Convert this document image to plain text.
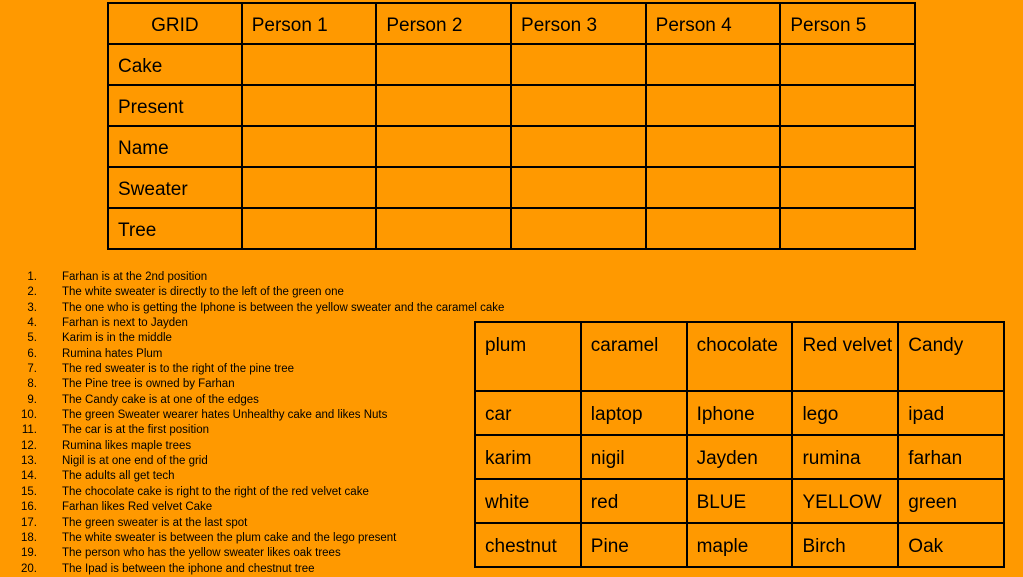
GRID	Person 1	Person 2	Person 3	Person 4	Person 5
Cake					
Present					
Name					
Sweater					
Tree					
1.	Farhan is at the 2nd position
2.	The white sweater is directly to the left of the green one
3.	The one who is getting the Iphone is between the yellow sweater and the caramel cake
4.	Farhan is next to Jayden
5.	Karim is in the middle
6.	Rumina hates Plum
7.	The red sweater is to the right of the pine tree
8.	The Pine tree is owned by Farhan
9.	The Candy cake is at one of the edges
10.	The green Sweater wearer hates Unhealthy cake and likes Nuts
11.	The car is at the first position
12.	Rumina likes maple trees
13.	Nigil is at one end of the grid
14.	The adults all get tech
15.	The chocolate cake is right to the right of the red velvet cake
16.	Farhan likes Red velvet Cake
17.	The green sweater is at the last spot
18.	The white sweater is between the plum cake and the lego present
19.	The person who has the yellow sweater likes oak trees
20.	The Ipad is between the iphone and chestnut tree
plum	caramel	chocolate	Red velvet	Candy
car	laptop	Iphone	lego	ipad
karim	nigil	Jayden	rumina	farhan
white	red	BLUE	YELLOW	green
chestnut	Pine	maple	Birch	Oak
